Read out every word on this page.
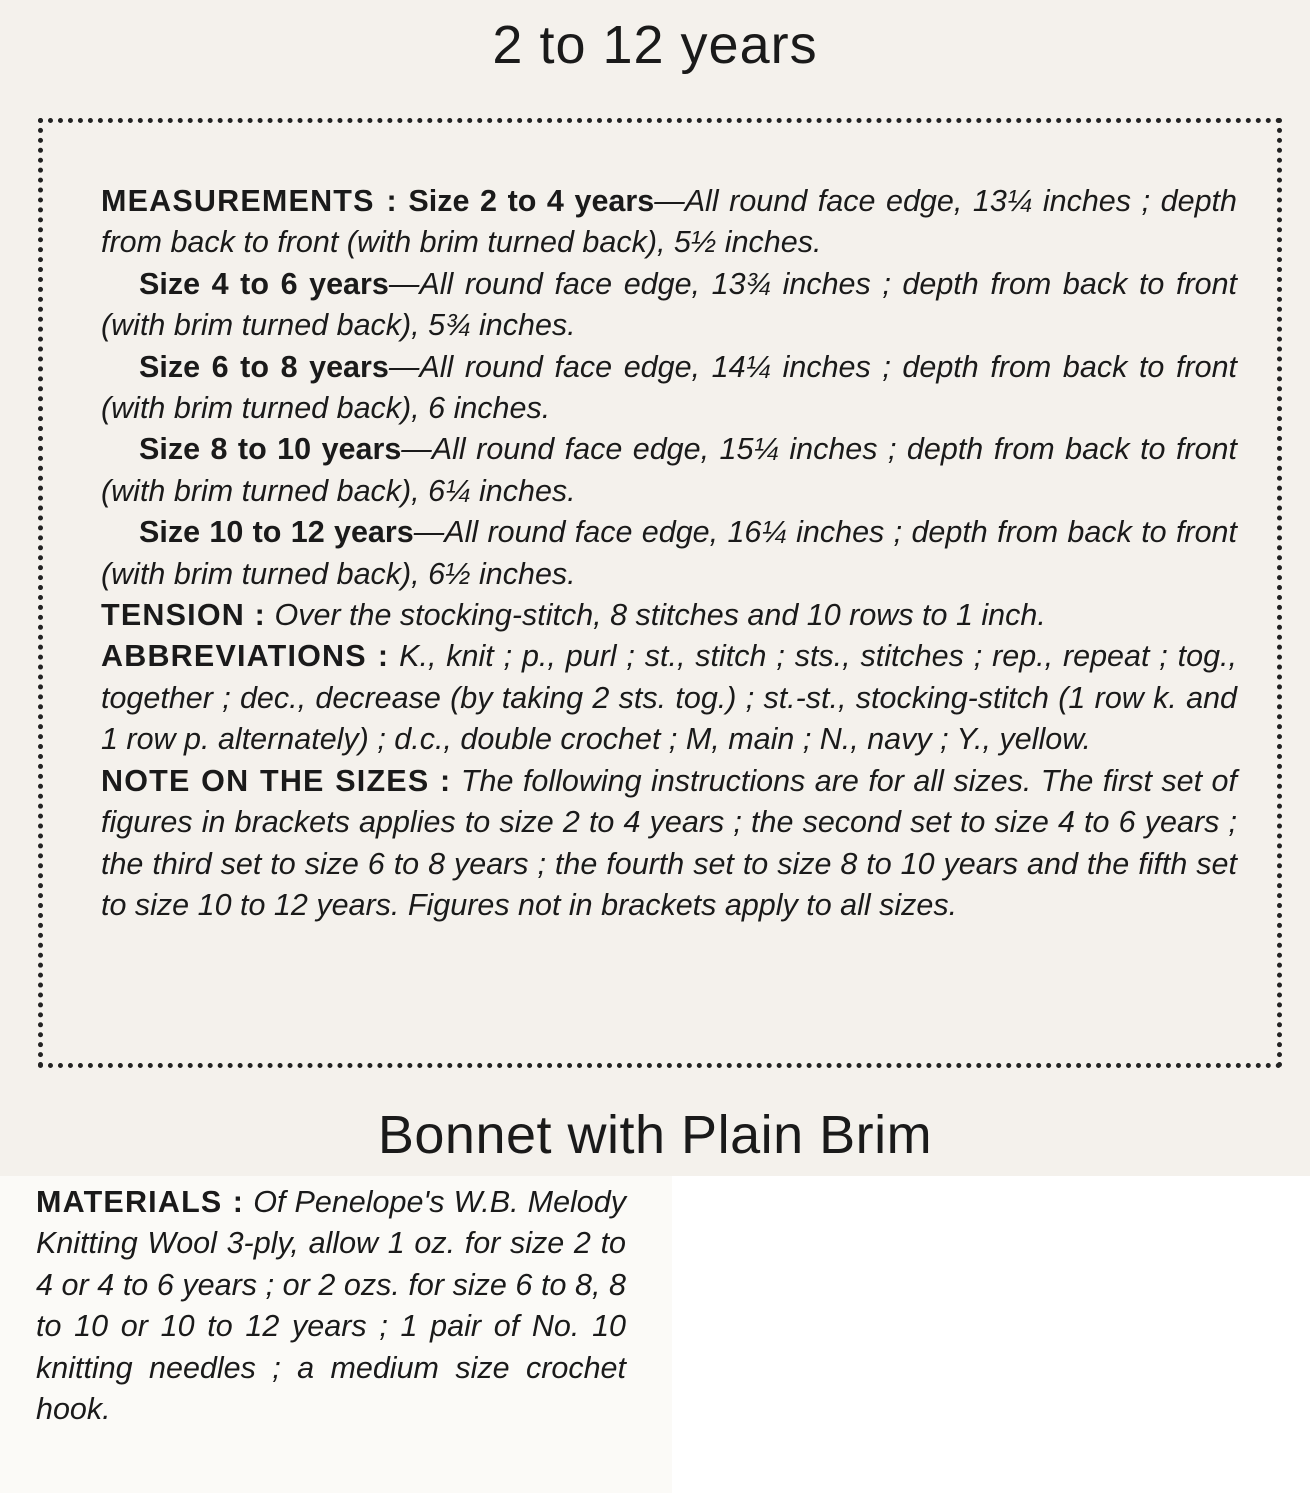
2 to 12 years

MEASUREMENTS : Size 2 to 4 years—All round face edge, 13¼ inches ; depth from back to front (with brim turned back), 5½ inches.

Size 4 to 6 years—All round face edge, 13¾ inches ; depth from back to front (with brim turned back), 5¾ inches.

Size 6 to 8 years—All round face edge, 14¼ inches ; depth from back to front (with brim turned back), 6 inches.

Size 8 to 10 years—All round face edge, 15¼ inches ; depth from back to front (with brim turned back), 6¼ inches.

Size 10 to 12 years—All round face edge, 16¼ inches ; depth from back to front (with brim turned back), 6½ inches.

TENSION : Over the stocking-stitch, 8 stitches and 10 rows to 1 inch.

ABBREVIATIONS : K., knit ; p., purl ; st., stitch ; sts., stitches ; rep., repeat ; tog., together ; dec., decrease (by taking 2 sts. tog.) ; st.-st., stocking-stitch (1 row k. and 1 row p. alternately) ; d.c., double crochet ; M, main ; N., navy ; Y., yellow.

NOTE ON THE SIZES : The following instructions are for all sizes. The first set of figures in brackets applies to size 2 to 4 years ; the second set to size 4 to 6 years ; the third set to size 6 to 8 years ; the fourth set to size 8 to 10 years and the fifth set to size 10 to 12 years. Figures not in brackets apply to all sizes.

Bonnet with Plain Brim

MATERIALS : Of Penelope's W.B. Melody Knitting Wool 3-ply, allow 1 oz. for size 2 to 4 or 4 to 6 years ; or 2 ozs. for size 6 to 8, 8 to 10 or 10 to 12 years ; 1 pair of No. 10 knitting needles ; a medium size crochet hook.
